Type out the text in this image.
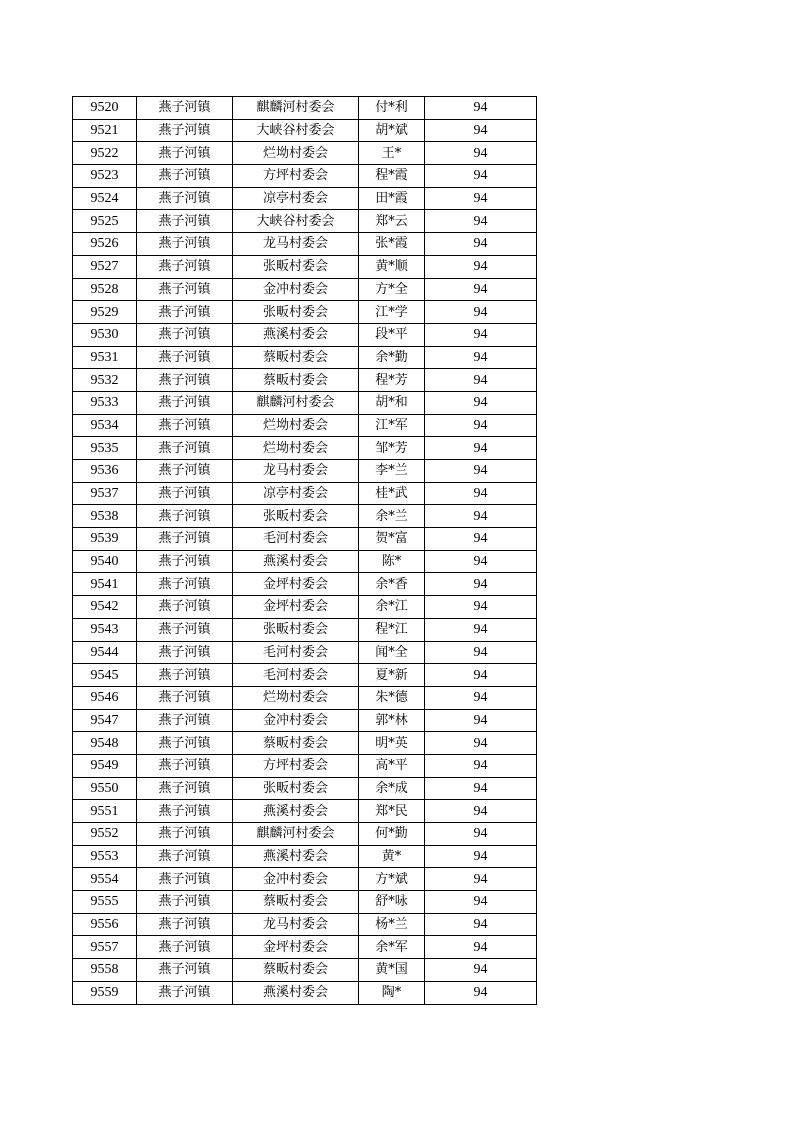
9520	燕子河镇	麒麟河村委会	付*利	94
9521	燕子河镇	大峡谷村委会	胡*斌	94
9522	燕子河镇	烂坳村委会	王*	94
9523	燕子河镇	方坪村委会	程*霞	94
9524	燕子河镇	凉亭村委会	田*霞	94
9525	燕子河镇	大峡谷村委会	郑*云	94
9526	燕子河镇	龙马村委会	张*霞	94
9527	燕子河镇	张畈村委会	黄*顺	94
9528	燕子河镇	金冲村委会	方*全	94
9529	燕子河镇	张畈村委会	江*学	94
9530	燕子河镇	燕溪村委会	段*平	94
9531	燕子河镇	蔡畈村委会	余*勤	94
9532	燕子河镇	蔡畈村委会	程*芳	94
9533	燕子河镇	麒麟河村委会	胡*和	94
9534	燕子河镇	烂坳村委会	江*军	94
9535	燕子河镇	烂坳村委会	邹*芳	94
9536	燕子河镇	龙马村委会	李*兰	94
9537	燕子河镇	凉亭村委会	桂*武	94
9538	燕子河镇	张畈村委会	余*兰	94
9539	燕子河镇	毛河村委会	贺*富	94
9540	燕子河镇	燕溪村委会	陈*	94
9541	燕子河镇	金坪村委会	余*香	94
9542	燕子河镇	金坪村委会	余*江	94
9543	燕子河镇	张畈村委会	程*江	94
9544	燕子河镇	毛河村委会	闻*全	94
9545	燕子河镇	毛河村委会	夏*新	94
9546	燕子河镇	烂坳村委会	朱*德	94
9547	燕子河镇	金冲村委会	郭*林	94
9548	燕子河镇	蔡畈村委会	明*英	94
9549	燕子河镇	方坪村委会	高*平	94
9550	燕子河镇	张畈村委会	余*成	94
9551	燕子河镇	燕溪村委会	郑*民	94
9552	燕子河镇	麒麟河村委会	何*勤	94
9553	燕子河镇	燕溪村委会	黄*	94
9554	燕子河镇	金冲村委会	方*斌	94
9555	燕子河镇	蔡畈村委会	舒*咏	94
9556	燕子河镇	龙马村委会	杨*兰	94
9557	燕子河镇	金坪村委会	余*军	94
9558	燕子河镇	蔡畈村委会	黄*国	94
9559	燕子河镇	燕溪村委会	陶*	94
